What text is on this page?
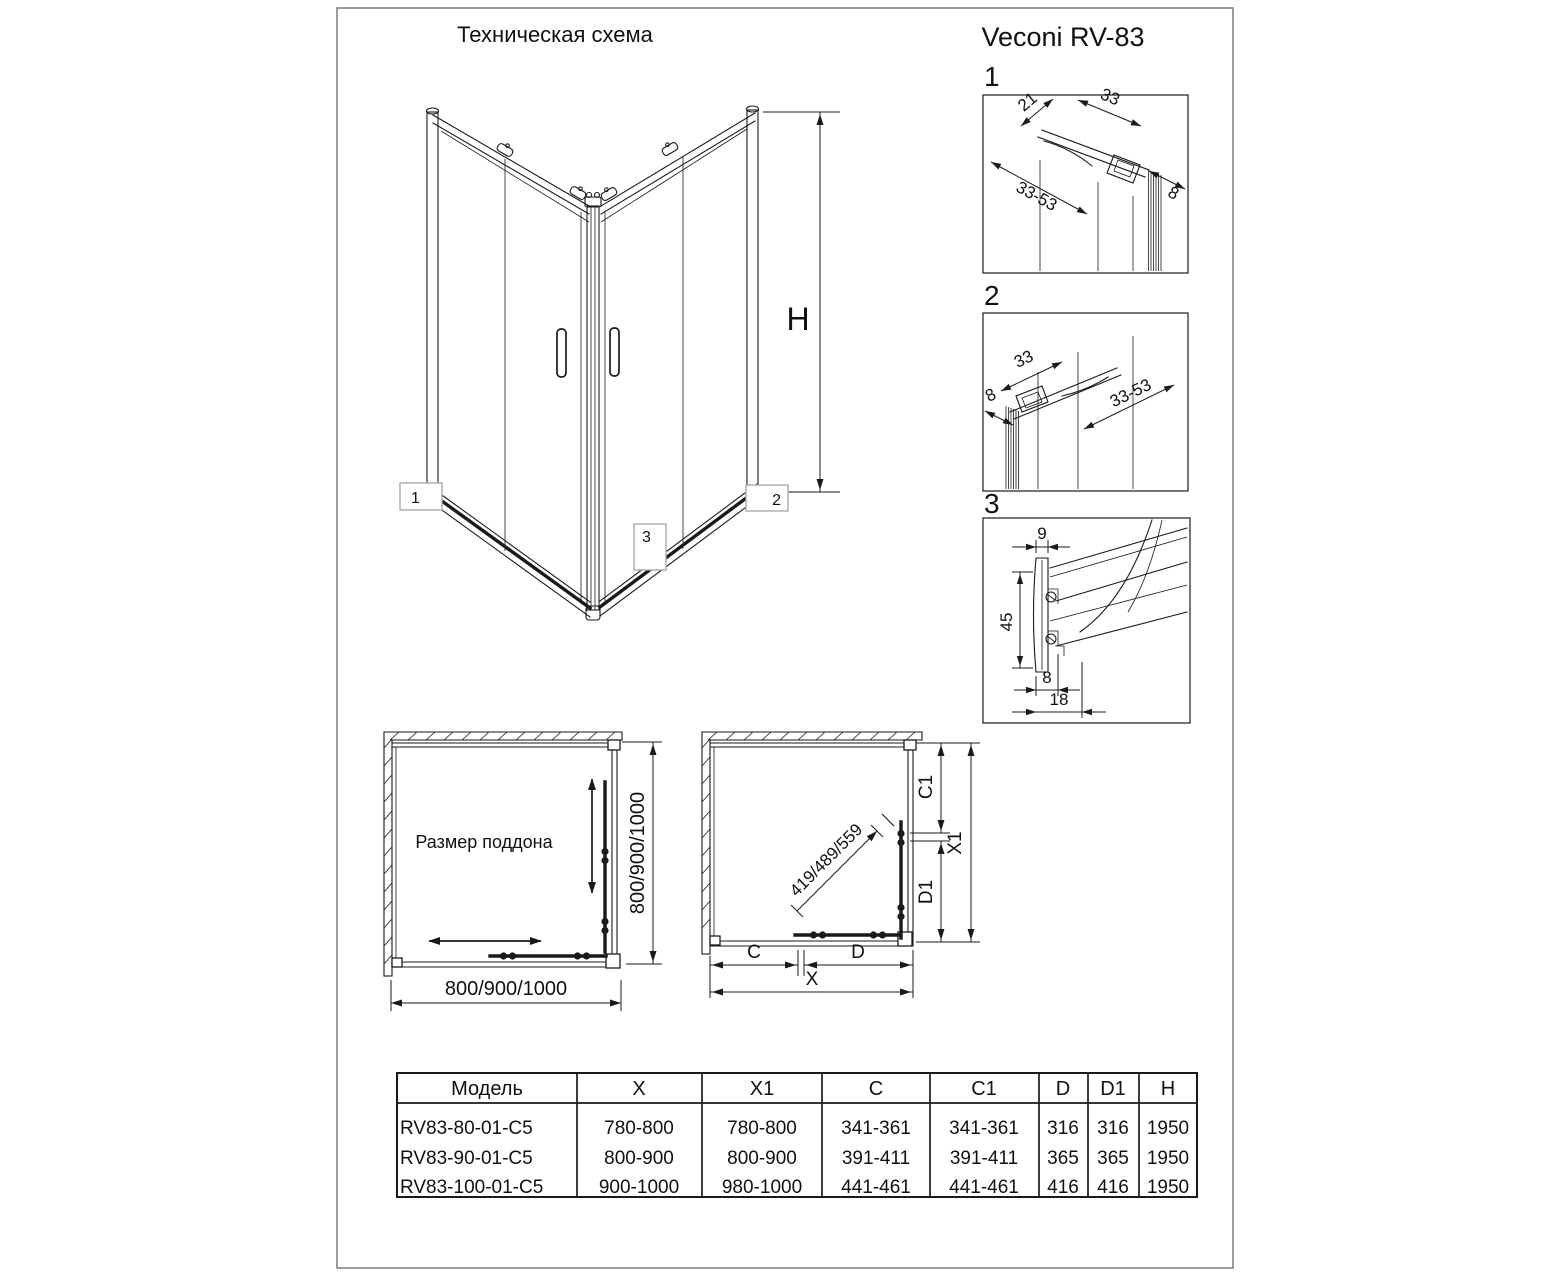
Техническая схема	Veconi RV-83
H
1	2
3
1
21	33
33-53	8
2
33
8	33-53
3
9
45
8
18
Размер поддона
800/900/1000
800/900/1000	419/489/559
C1
D1
X1
C	D
X
Модель	X	X1	C	C1	D D1 H
RV83-80-01-C5	780-800	780-800 341-361 341-361 316 316 1950
RV83-90-01-C5	800-900	800-900 391-411 391-411 365 365 1950
RV83-100-01-C5	900-1000 980-1000 441-461 441-461 416 416 1950
